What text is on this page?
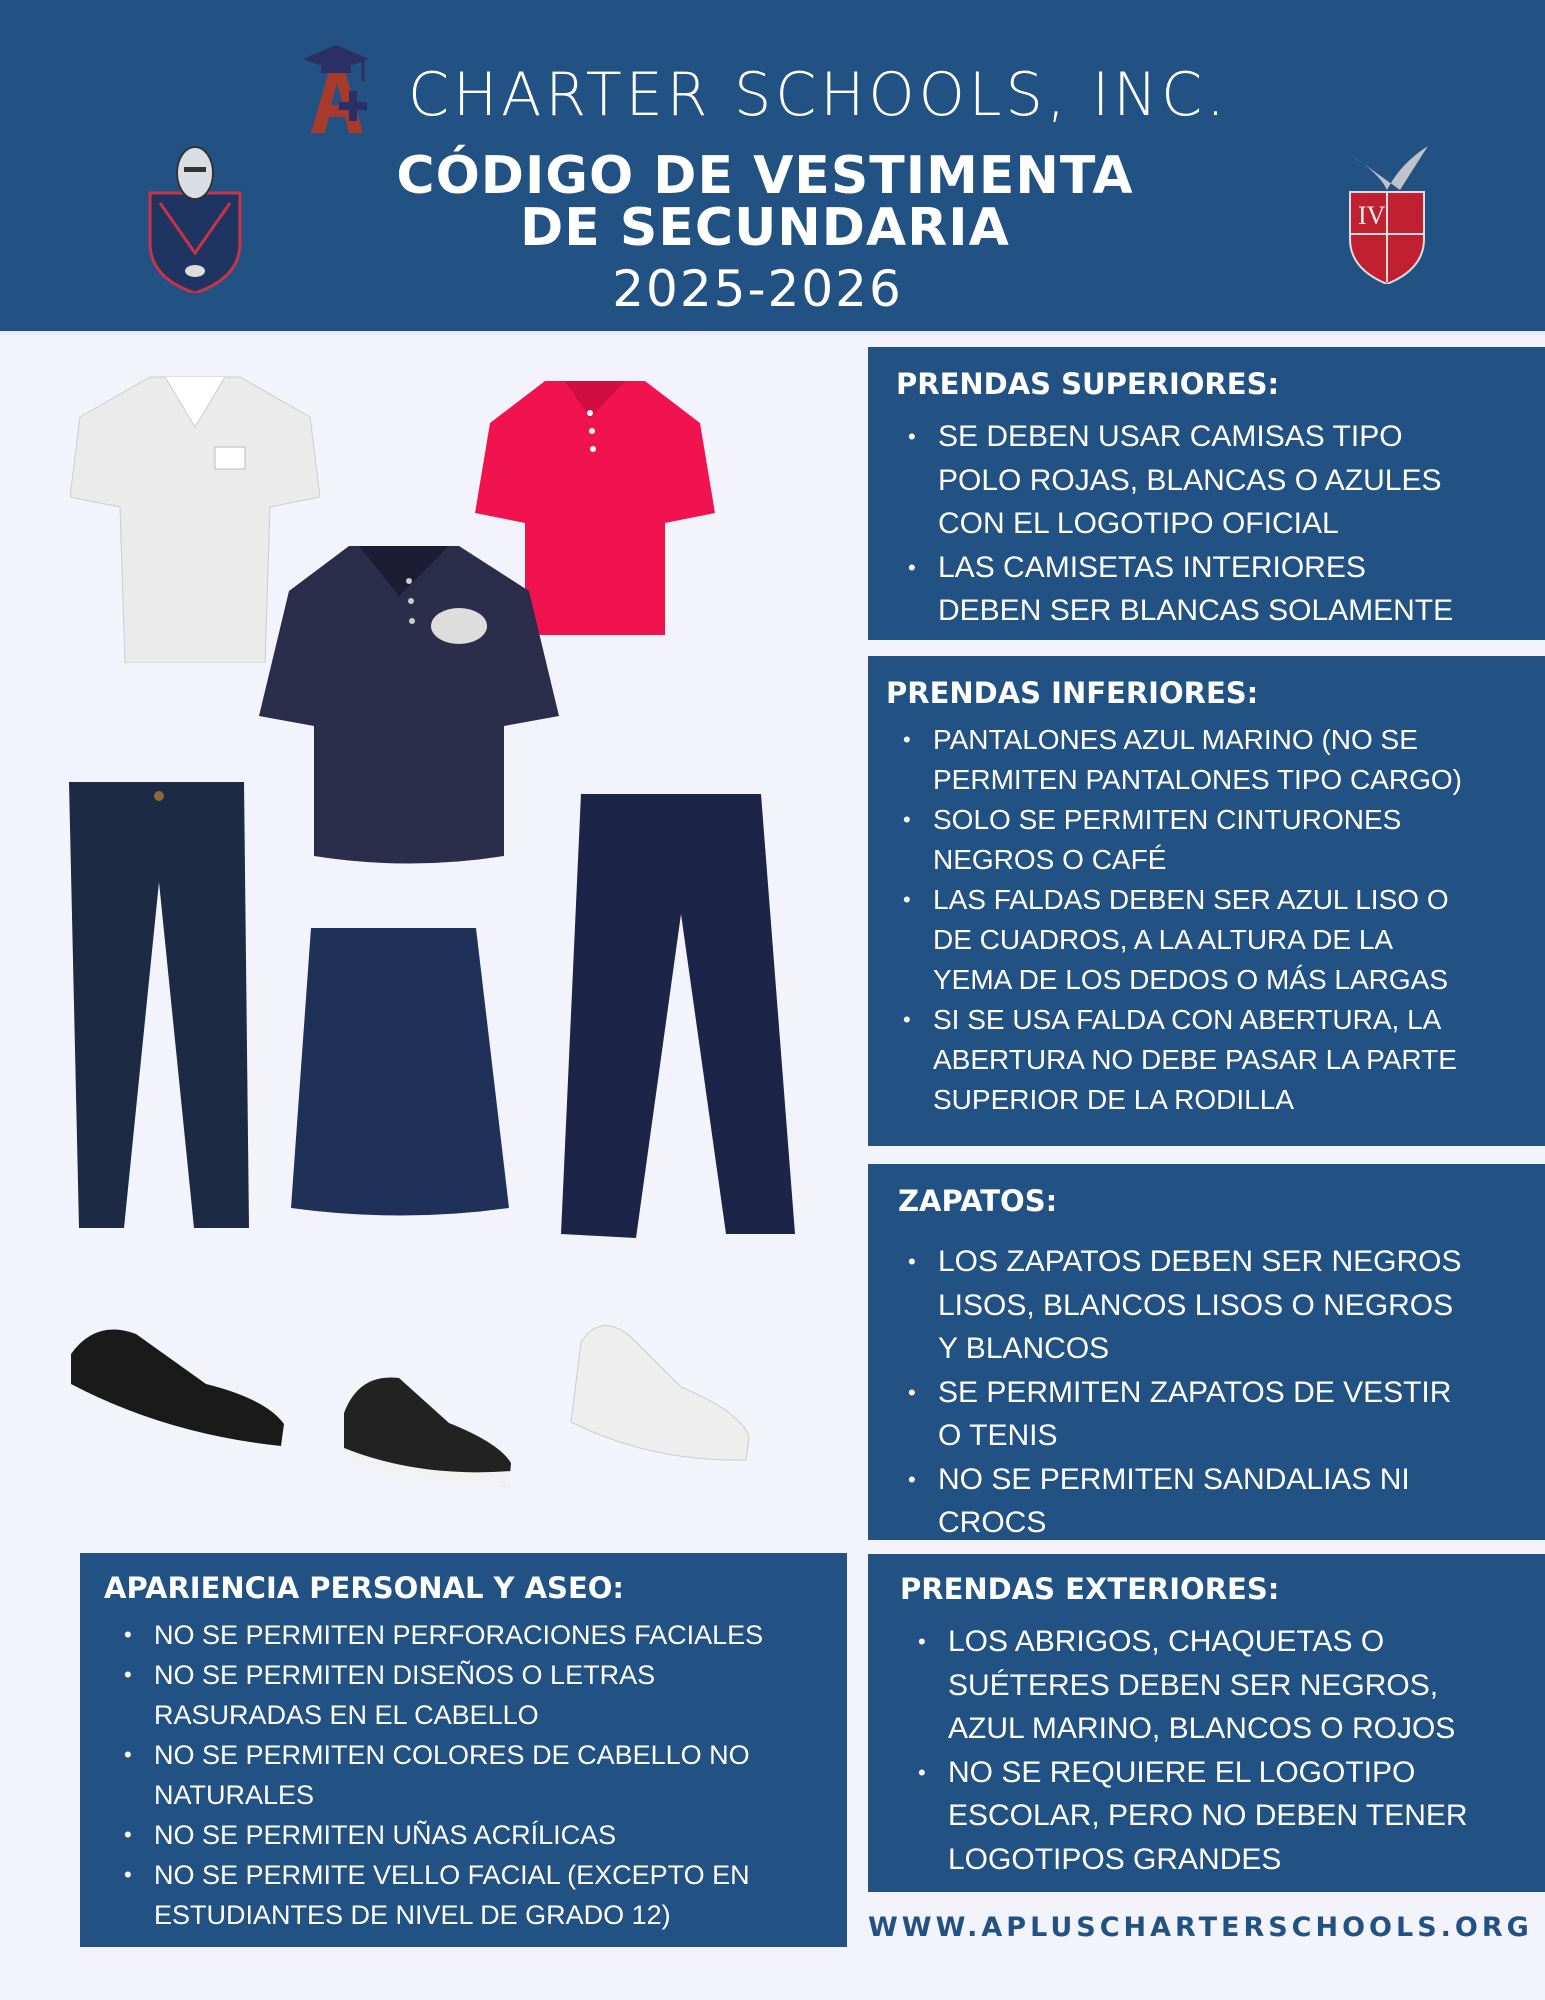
CHARTER SCHOOLS, INC.
CÓDIGO DE VESTIMENTA
DE SECUNDARIA
2025-2026
IV
PRENDAS SUPERIORES:
• SE DEBEN USAR CAMISAS TIPO
POLO ROJAS, BLANCAS O AZULES
CON EL LOGOTIPO OFICIAL
• LAS CAMISETAS INTERIORES
DEBEN SER BLANCAS SOLAMENTE
PRENDAS INFERIORES:
• PANTALONES AZUL MARINO (NO SE
PERMITEN PANTALONES TIPO CARGO)
• SOLO SE PERMITEN CINTURONES
NEGROS O CAFÉ
• LAS FALDAS DEBEN SER AZUL LISO O
DE CUADROS, A LA ALTURA DE LA
YEMA DE LOS DEDOS O MÁS LARGAS
• SI SE USA FALDA CON ABERTURA, LA
ABERTURA NO DEBE PASAR LA PARTE
SUPERIOR DE LA RODILLA
ZAPATOS:
• LOS ZAPATOS DEBEN SER NEGROS
LISOS, BLANCOS LISOS O NEGROS
Y BLANCOS
• SE PERMITEN ZAPATOS DE VESTIR
O TENIS
• NO SE PERMITEN SANDALIAS NI
CROCS
PRENDAS EXTERIORES:
• LOS ABRIGOS, CHAQUETAS O
SUÉTERES DEBEN SER NEGROS,
AZUL MARINO, BLANCOS O ROJOS
• NO SE REQUIERE EL LOGOTIPO
ESCOLAR, PERO NO DEBEN TENER
LOGOTIPOS GRANDES
APARIENCIA PERSONAL Y ASEO:
• NO SE PERMITEN PERFORACIONES FACIALES
• NO SE PERMITEN DISEÑOS O LETRAS
RASURADAS EN EL CABELLO
• NO SE PERMITEN COLORES DE CABELLO NO
NATURALES
• NO SE PERMITEN UÑAS ACRÍLICAS
• NO SE PERMITE VELLO FACIAL (EXCEPTO EN
ESTUDIANTES DE NIVEL DE GRADO 12)	WWW.APLUSCHARTERSCHOOLS.ORG
